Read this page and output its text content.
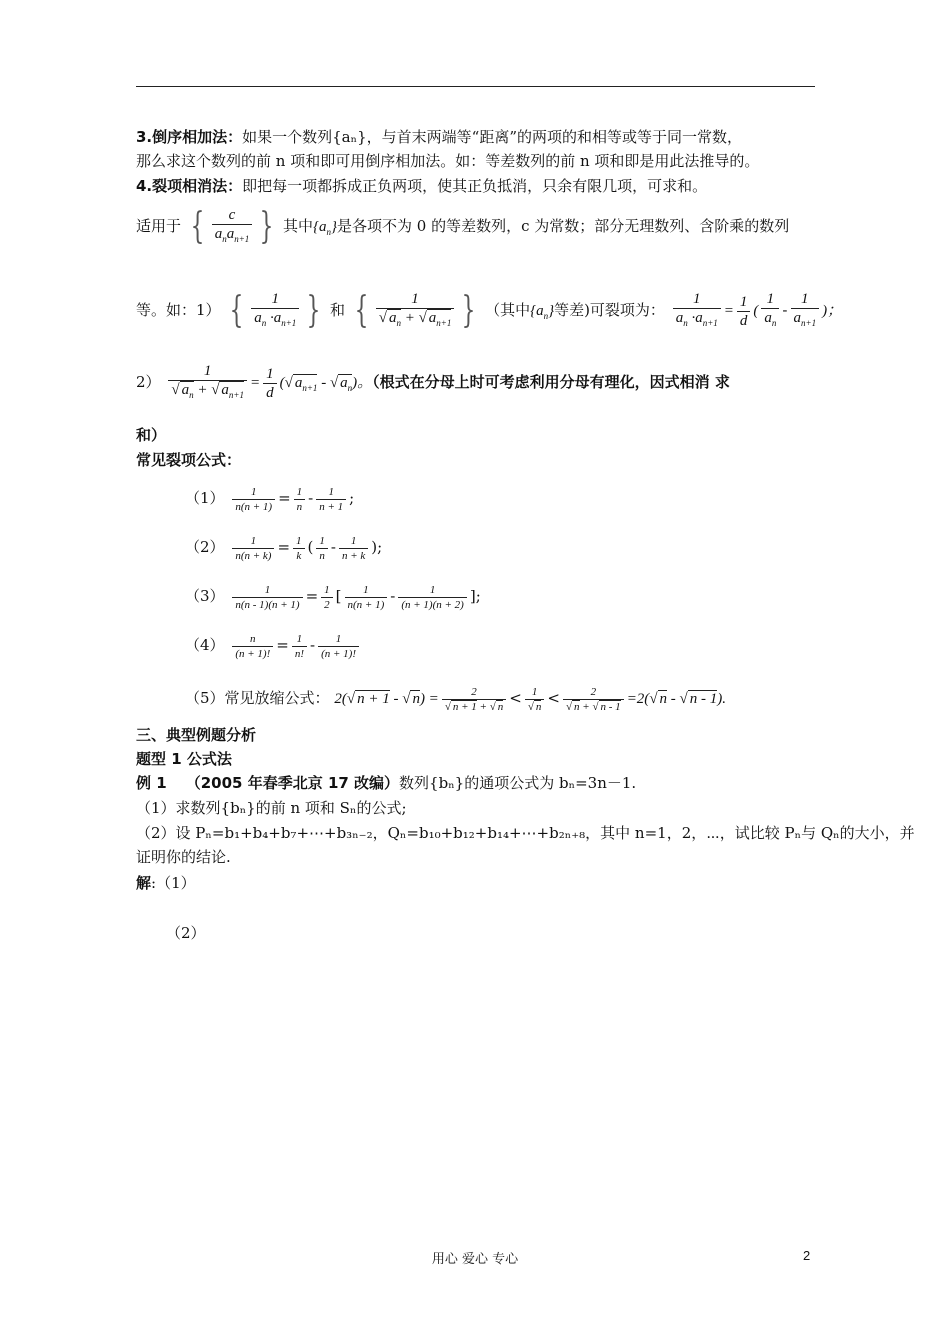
3.倒序相加法：如果一个数列{aₙ}，与首末两端等“距离”的两项的和相等或等于同一常数，
那么求这个数列的前 n 项和即可用倒序相加法。如：等差数列的前 n 项和即是用此法推导的。
4.裂项相消法：即把每一项都拆成正负两项，使其正负抵消，只余有限几项，可求和。
适用于 { $\frac{c}{a_na_{n+1}}$ } 其中$\{a_n\}$是各项不为 0 的等差数列，c 为常数；部分无理数列、含阶乘的数列
等。如：1） { $\frac{1}{a_n \cdot a_{n+1}}$ } 和 { 1
√ $a_n$ + √ $a_{n+1}$ } （其中$\{a_n\}$等差)可裂项为： $\frac{1}{a_n \cdot a_{n+1}} = \frac{1}{d}$ ( $\frac{1}{a_n} - \frac{1}{a_{n+1}}$ )；
2） 1
√ $a_n$ + √ $a_{n+1} = \frac{1}{d}$ ( √ $a_{n+1}$ - √ $a_n$)。（根式在分母上时可考虑利用分母有理化，因式相消 求
和）
常见裂项公式：
$(1) \frac{1}{n(n + 1)} = \frac{1}{n} - \frac{1}{n + 1}$ ;
$(2) \frac{1}{n(n + k)} = \frac{1}{k}$ ( $\frac{1}{n} - \frac{1}{n + k}$ );
$(3) \frac{1}{n(n - 1)(n + 1)} = \frac{1}{2}$ [ $\frac{1}{n(n + 1)} - \frac{1}{(n + 1)(n + 2)}$ ];
$(4) \frac{n}{(n + 1)!} = \frac{1}{n!} - \frac{1}{(n + 1)!}$
（5）常见放缩公式： 2( √ n + 1 - √ n) = 2
√ n + 1 + √ n < 1
√ n < 2
√ n + √ n - 1 =2( √ n - √ n - 1).
三、典型例题分析
题型 1 公式法
例 1 （2005 年春季北京 17 改编）数列{bₙ}的通项公式为 bₙ=3n－1.
（1）求数列{bₙ}的前 n 项和 Sₙ的公式;
（2）设 Pₙ=b₁+b₄+b₇+⋯+b₃ₙ₋₂，Qₙ=b₁₀+b₁₂+b₁₄+⋯+b₂ₙ₊₈，其中 n=1，2，⋯，试比较 Pₙ与 Qₙ的大小，并
证明你的结论.
解:（1）
（2）
用心 爱心 专心	2
